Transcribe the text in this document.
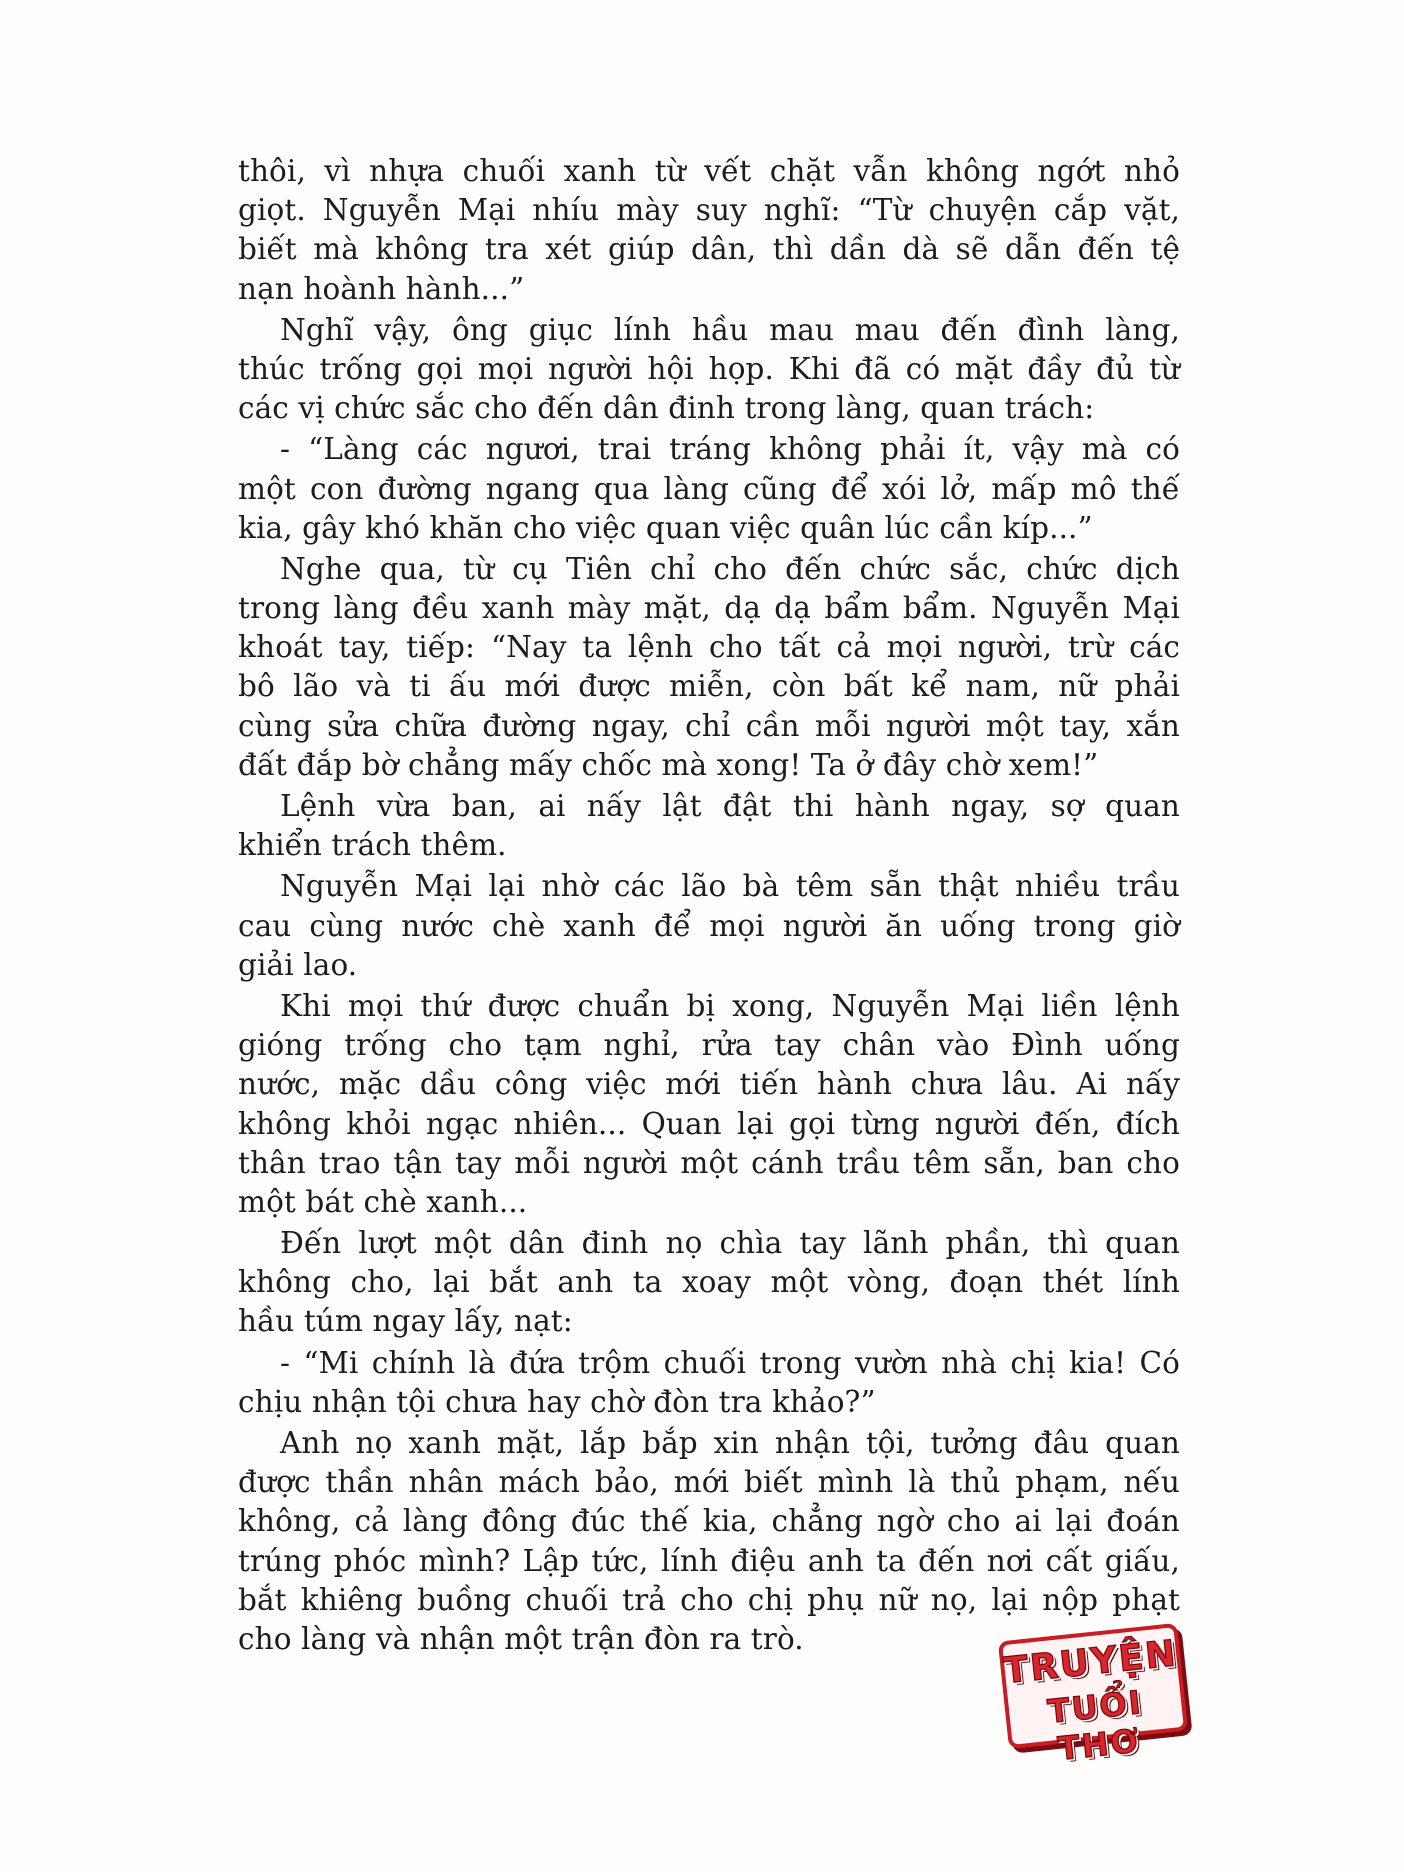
thôi, vì nhựa chuối xanh từ vết chặt vẫn không ngớt nhỏ
giọt. Nguyễn Mại nhíu mày suy nghĩ: “Từ chuyện cắp vặt,
biết mà không tra xét giúp dân, thì dần dà sẽ dẫn đến tệ
nạn hoành hành...”
Nghĩ vậy, ông giục lính hầu mau mau đến đình làng,
thúc trống gọi mọi người hội họp. Khi đã có mặt đầy đủ từ
các vị chức sắc cho đến dân đinh trong làng, quan trách:
- “Làng các ngươi, trai tráng không phải ít, vậy mà có
một con đường ngang qua làng cũng để xói lở, mấp mô thế
kia, gây khó khăn cho việc quan việc quân lúc cần kíp...”
Nghe qua, từ cụ Tiên chỉ cho đến chức sắc, chức dịch
trong làng đều xanh mày mặt, dạ dạ bẩm bẩm. Nguyễn Mại
khoát tay, tiếp: “Nay ta lệnh cho tất cả mọi người, trừ các
bô lão và ti ấu mới được miễn, còn bất kể nam, nữ phải
cùng sửa chữa đường ngay, chỉ cần mỗi người một tay, xắn
đất đắp bờ chẳng mấy chốc mà xong! Ta ở đây chờ xem!”
Lệnh vừa ban, ai nấy lật đật thi hành ngay, sợ quan
khiển trách thêm.
Nguyễn Mại lại nhờ các lão bà têm sẵn thật nhiều trầu
cau cùng nước chè xanh để mọi người ăn uống trong giờ
giải lao.
Khi mọi thứ được chuẩn bị xong, Nguyễn Mại liền lệnh
gióng trống cho tạm nghỉ, rửa tay chân vào Đình uống
nước, mặc dầu công việc mới tiến hành chưa lâu. Ai nấy
không khỏi ngạc nhiên... Quan lại gọi từng người đến, đích
thân trao tận tay mỗi người một cánh trầu têm sẵn, ban cho
một bát chè xanh...
Đến lượt một dân đinh nọ chìa tay lãnh phần, thì quan
không cho, lại bắt anh ta xoay một vòng, đoạn thét lính
hầu túm ngay lấy, nạt:
- “Mi chính là đứa trộm chuối trong vườn nhà chị kia! Có
chịu nhận tội chưa hay chờ đòn tra khảo?”
Anh nọ xanh mặt, lắp bắp xin nhận tội, tưởng đâu quan
được thần nhân mách bảo, mới biết mình là thủ phạm, nếu
không, cả làng đông đúc thế kia, chẳng ngờ cho ai lại đoán
trúng phóc mình? Lập tức, lính điệu anh ta đến nơi cất giấu,
bắt khiêng buồng chuối trả cho chị phụ nữ nọ, lại nộp phạt
cho làng và nhận một trận đòn ra trò.	TRUYỆN
TUỔI THƠ
